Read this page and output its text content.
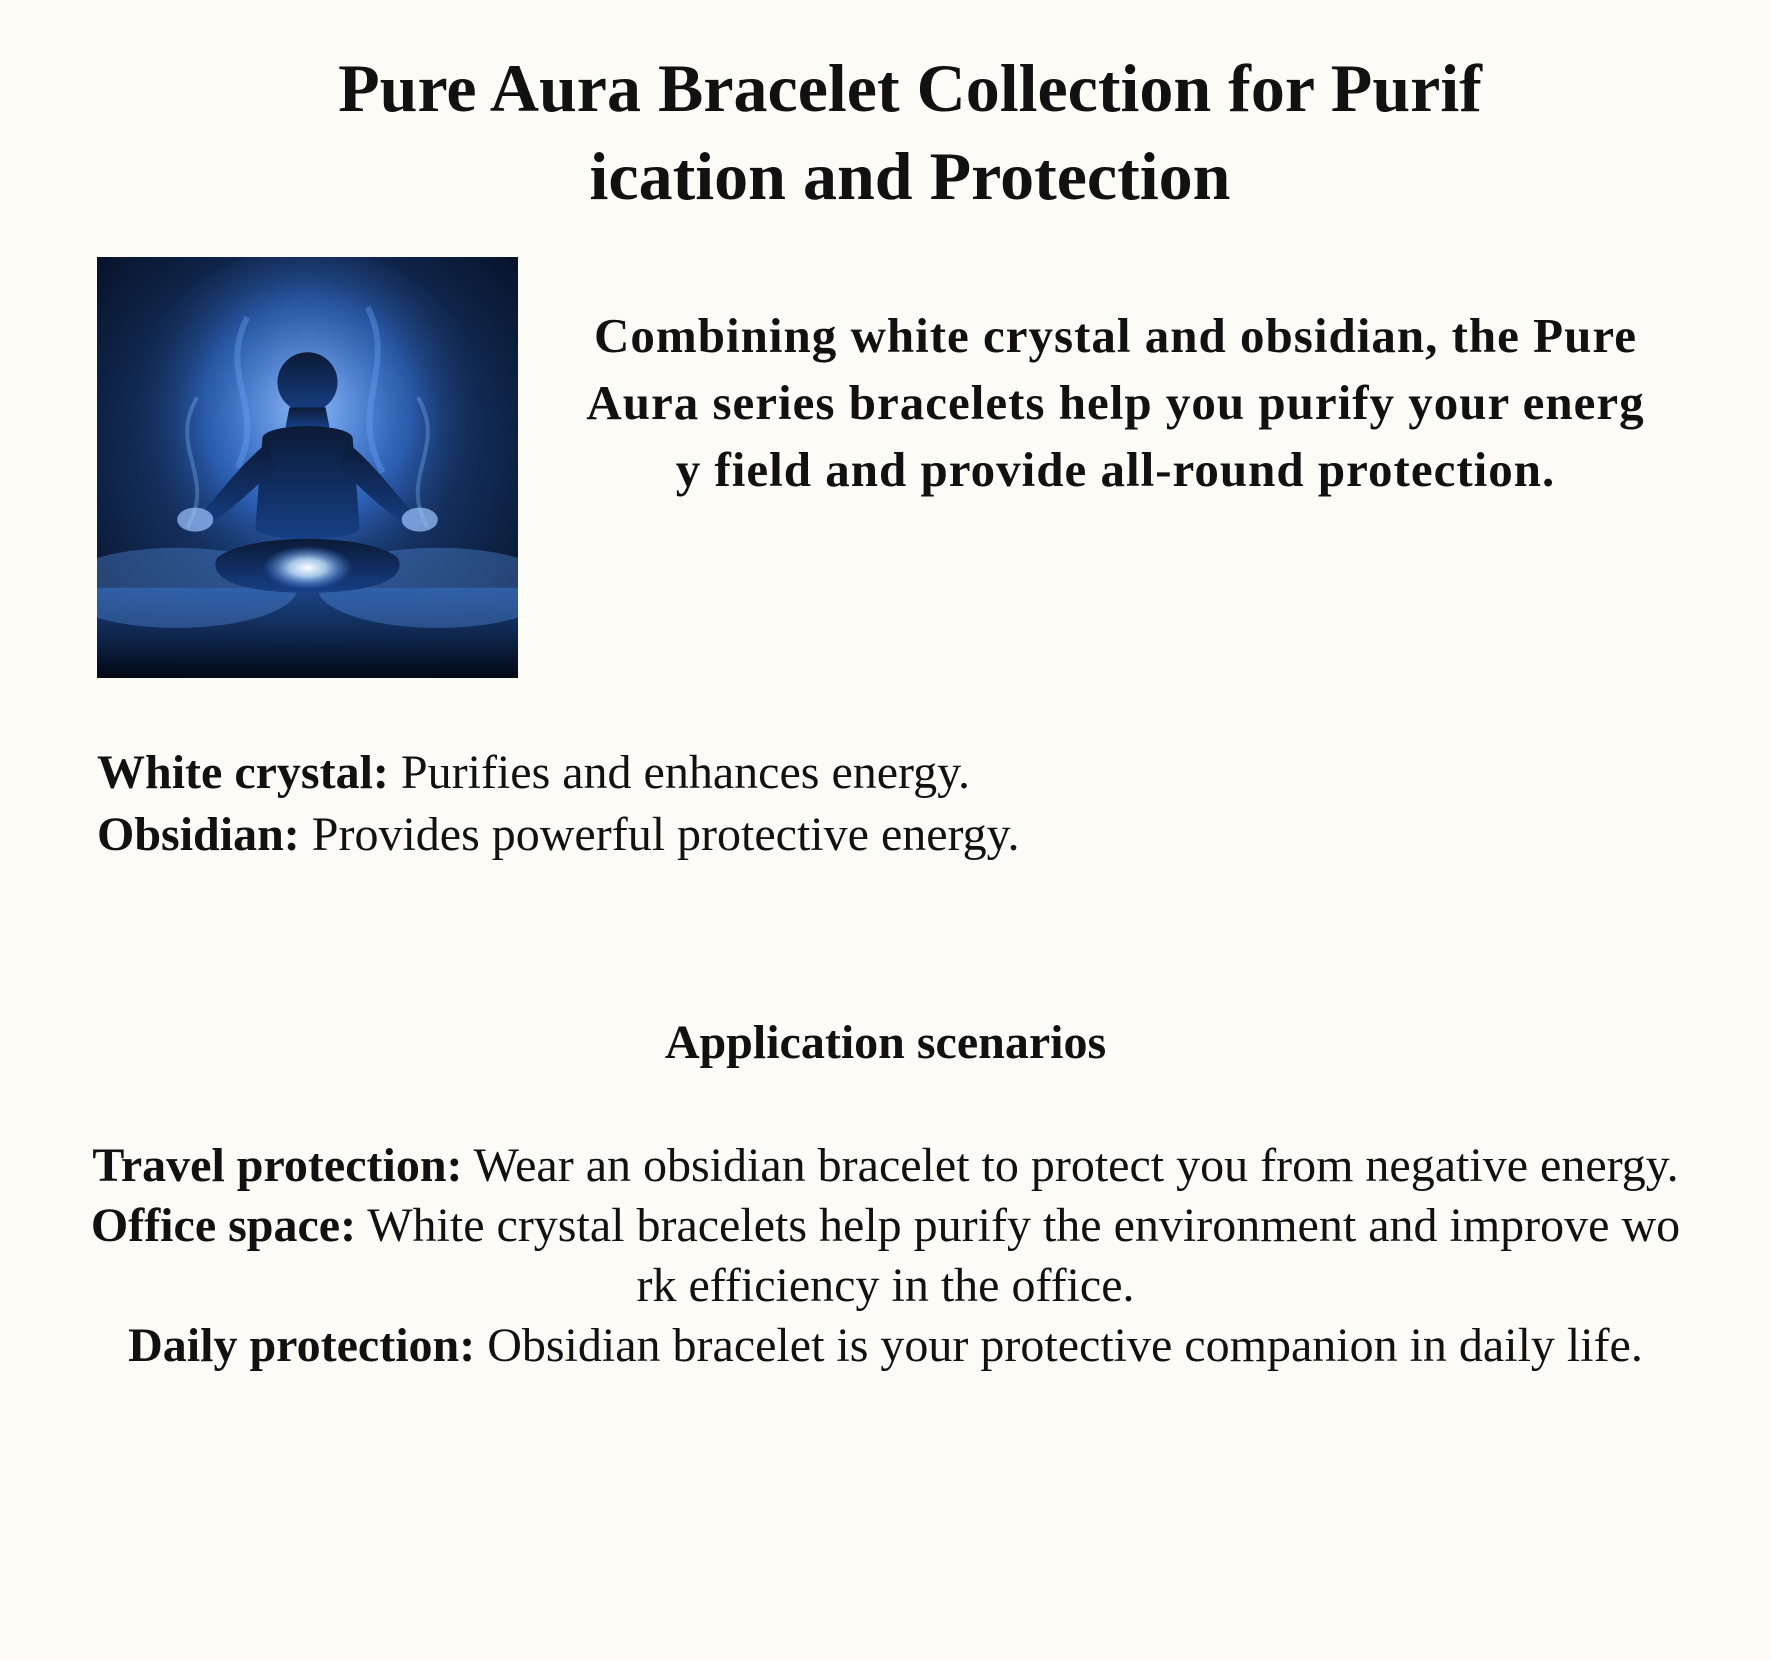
Pure Aura Bracelet Collection for Purification and Protection

Combining white crystal and obsidian, the Pure Aura series bracelets help you purify your energy field and provide all-round protection.

White crystal: Purifies and enhances energy.
Obsidian: Provides powerful protective energy.
Application scenarios
Travel protection: Wear an obsidian bracelet to protect you from negative energy.
Office space: White crystal bracelets help purify the environment and improve work efficiency in the office.
Daily protection: Obsidian bracelet is your protective companion in daily life.
